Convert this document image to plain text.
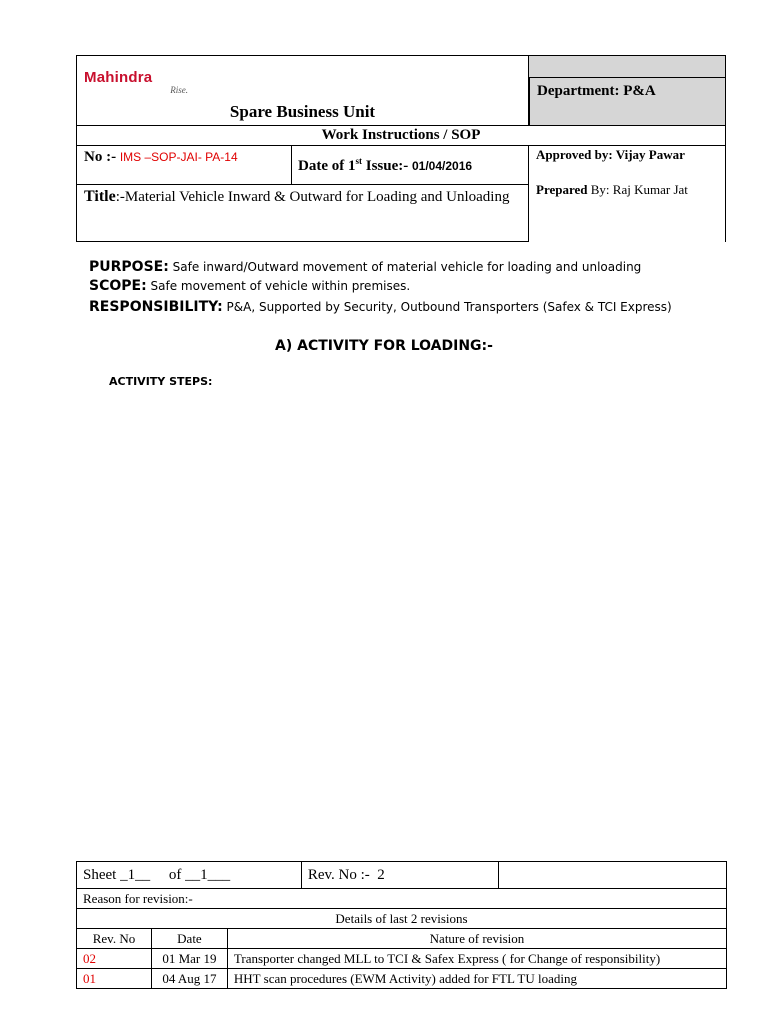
Mahindra
Rise.
Spare Business Unit
Department: P&A
Work Instructions / SOP
No :- IMS –SOP-JAI- PA-14
Date of 1st Issue:- 01/04/2016
Approved by: Vijay Pawar
Prepared By: Raj Kumar Jat
Title:-Material Vehicle Inward & Outward for Loading and Unloading
PURPOSE: Safe inward/Outward movement of material vehicle for loading and unloading
SCOPE: Safe movement of vehicle within premises.
RESPONSIBILITY: P&A, Supported by Security, Outbound Transporters (Safex & TCI Express)
A) ACTIVITY FOR LOADING:-
ACTIVITY STEPS:
Sheet _1__     of __1___			Rev. No :-  2	
Reason for revision:-				
Details of last 2 revisions				
Rev. No	Date	Nature of revision		
02	01 Mar 19	Transporter changed MLL to TCI & Safex Express ( for Change of responsibility)		
01	04 Aug 17	HHT scan procedures (EWM Activity) added for FTL TU loading		
